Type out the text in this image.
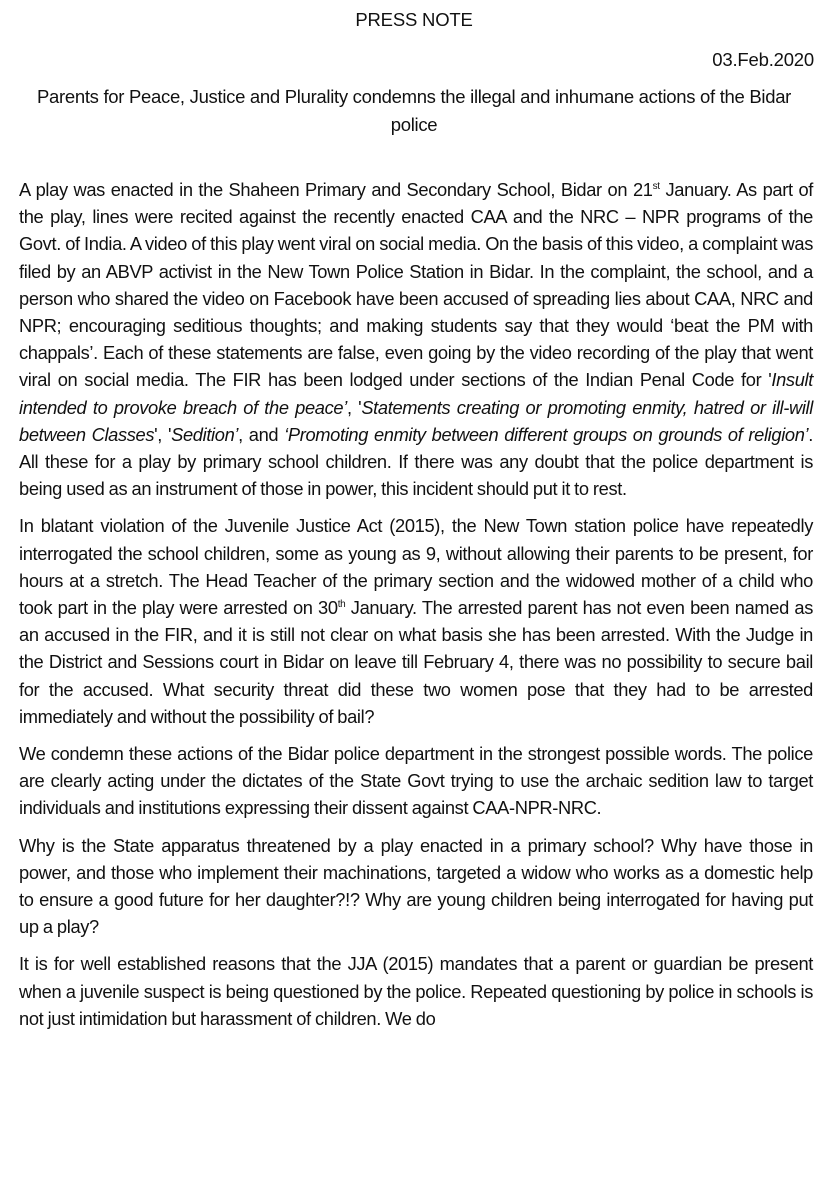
PRESS NOTE
03.Feb.2020
Parents for Peace, Justice and Plurality condemns the illegal and inhumane actions of the Bidar police

A play was enacted in the Shaheen Primary and Secondary School, Bidar on 21st January. As part of the play, lines were recited against the recently enacted CAA and the NRC – NPR programs of the Govt. of India. A video of this play went viral on social media. On the basis of this video, a complaint was filed by an ABVP activist in the New Town Police Station in Bidar. In the complaint, the school, and a person who shared the video on Facebook have been accused of spreading lies about CAA, NRC and NPR; encouraging seditious thoughts; and making students say that they would ‘beat the PM with chappals’. Each of these statements are false, even going by the video recording of the play that went viral on social media. The FIR has been lodged under sections of the Indian Penal Code for 'Insult intended to provoke breach of the peace’, 'Statements creating or promoting enmity, hatred or ill-will between Classes', 'Sedition’, and ‘Promoting enmity between different groups on grounds of religion’. All these for a play by primary school children. If there was any doubt that the police department is being used as an instrument of those in power, this incident should put it to rest.

In blatant violation of the Juvenile Justice Act (2015), the New Town station police have repeatedly interrogated the school children, some as young as 9, without allowing their parents to be present, for hours at a stretch. The Head Teacher of the primary section and the widowed mother of a child who took part in the play were arrested on 30th January. The arrested parent has not even been named as an accused in the FIR, and it is still not clear on what basis she has been arrested. With the Judge in the District and Sessions court in Bidar on leave till February 4, there was no possibility to secure bail for the accused. What security threat did these two women pose that they had to be arrested immediately and without the possibility of bail?

We condemn these actions of the Bidar police department in the strongest possible words. The police are clearly acting under the dictates of the State Govt trying to use the archaic sedition law to target individuals and institutions expressing their dissent against CAA-NPR-NRC.

Why is the State apparatus threatened by a play enacted in a primary school? Why have those in power, and those who implement their machinations, targeted a widow who works as a domestic help to ensure a good future for her daughter?!? Why are young children being interrogated for having put up a play?

It is for well established reasons that the JJA (2015) mandates that a parent or guardian be present when a juvenile suspect is being questioned by the police. Repeated questioning by police in schools is not just intimidation but harassment of children. We do
